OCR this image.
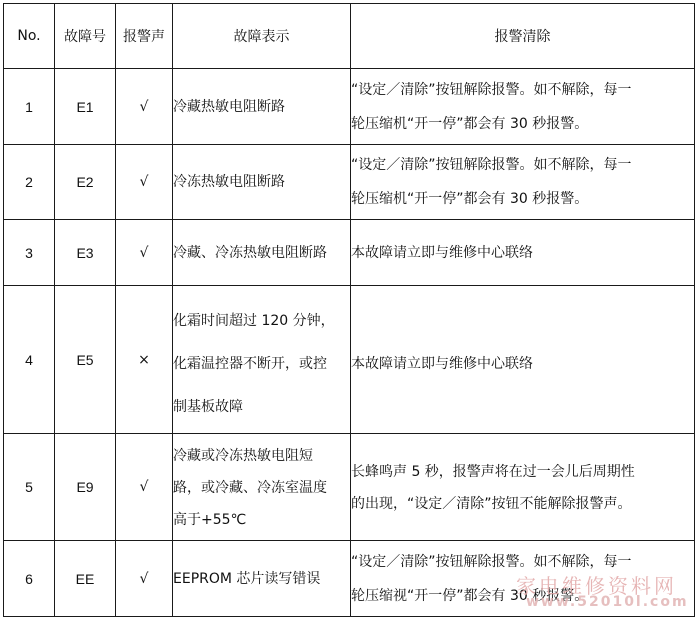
No.	故障号	报警声	故障表示	报警清除
1	E1	√	冷藏热敏电阻断路	“设定／清除”按钮解除报警。如不解除，每一
轮压缩机“开一停”都会有 30 秒报警。

2	E2	√	冷冻热敏电阻断路	“设定／清除”按钮解除报警。如不解除，每一
轮压缩机“开一停”都会有 30 秒报警。

3	E3	√	冷藏、冷冻热敏电阻断路	本故障请立即与维修中心联络

4	E5	×	化霜时间超过 120 分钟，
化霜温控器不断开，或控
制基板故障	本故障请立即与维修中心联络

5	E9	√	冷藏或冷冻热敏电阻短
路，或冷藏、冷冻室温度
高于+55℃	长蜂鸣声 5 秒，报警声将在过一会儿后周期性
的出现，“设定／清除”按钮不能解除报警声。

6	EE	√	EEPROM 芯片读写错误	“设定／清除”按钮解除报警。如不解除，每一
轮压缩视“开一停”都会有 30 秒报警。
家电维修资料网
www.52010l.com
